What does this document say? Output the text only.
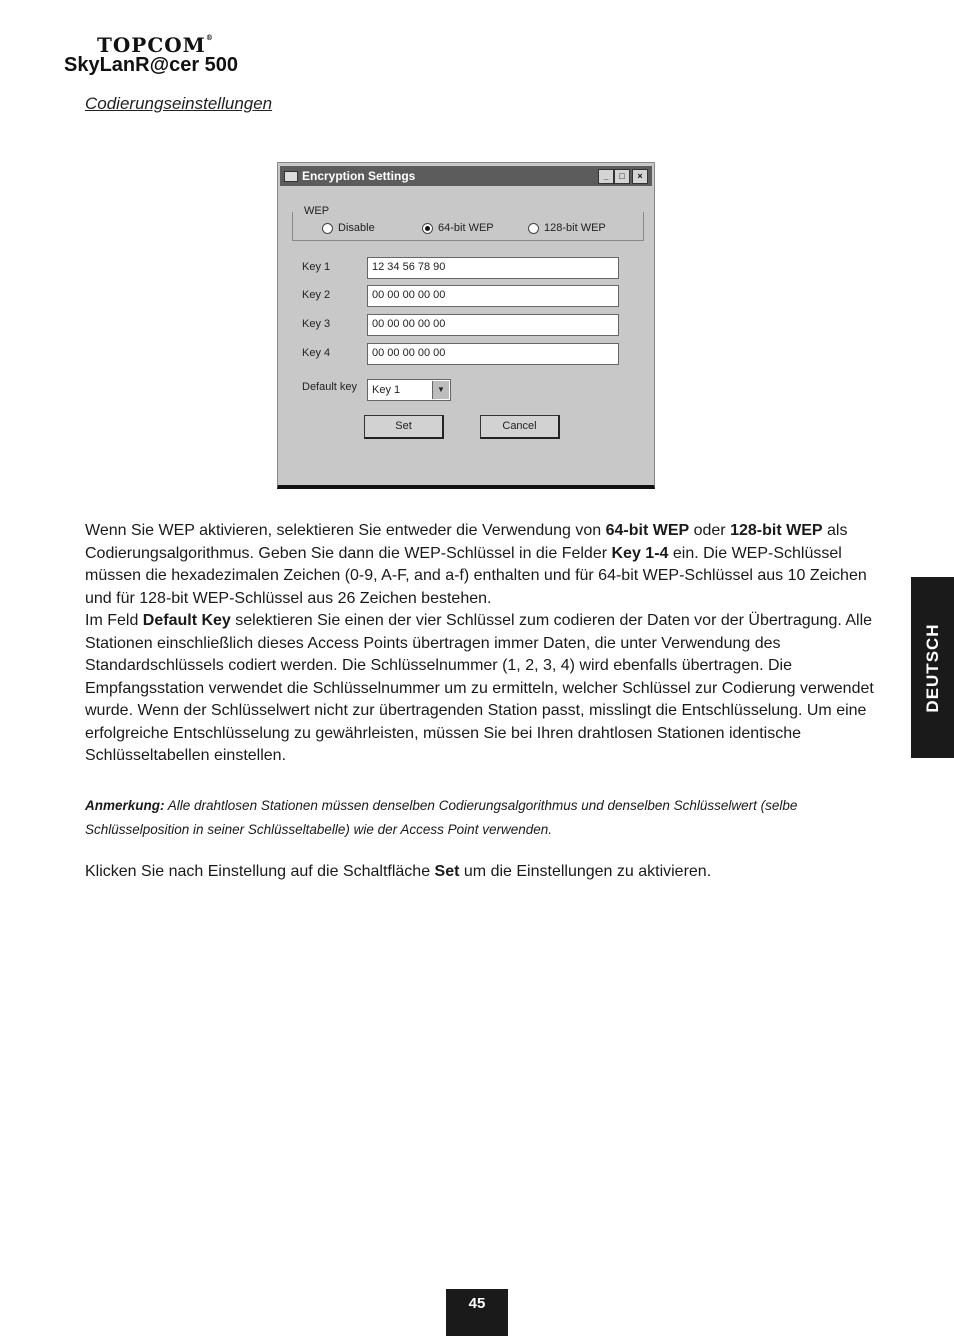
TOPCOM®
SkyLanR@cer 500
Codierungseinstellungen
Encryption Settings	_	□	×
WEP
Disable	64-bit WEP	128-bit WEP
Key 1	12 34 56 78 90
Key 2	00 00 00 00 00
Key 3	00 00 00 00 00
Key 4	00 00 00 00 00
Default key Key 1	▼
Set	Cancel

Wenn Sie WEP aktivieren, selektieren Sie entweder die Verwendung von 64-bit WEP oder 128-bit WEP als Codierungsalgorithmus. Geben Sie dann die WEP-Schlüssel in die Felder Key 1-4 ein. Die WEP-Schlüssel müssen die hexadezimalen Zeichen (0-9, A-F, and a-f) enthalten und für 64-bit WEP-Schlüssel aus 10 Zeichen und für 128-bit WEP-Schlüssel aus 26 Zeichen bestehen.

Im Feld Default Key selektieren Sie einen der vier Schlüssel zum codieren der Daten vor der Übertragung. Alle Stationen einschließlich dieses Access Points übertragen immer Daten, die unter Verwendung des Standardschlüssels codiert werden. Die Schlüsselnummer (1, 2, 3, 4) wird ebenfalls übertragen. Die Empfangsstation verwendet die Schlüsselnummer um zu ermitteln, welcher Schlüssel zur Codierung verwendet wurde. Wenn der Schlüsselwert nicht zur übertragenden Station passt, misslingt die Entschlüsselung. Um eine erfolgreiche Entschlüsselung zu gewährleisten, müssen Sie bei Ihren drahtlosen Stationen identische Schlüsseltabellen einstellen.

Anmerkung: Alle drahtlosen Stationen müssen denselben Codierungsalgorithmus und denselben Schlüsselwert (selbe Schlüsselposition in seiner Schlüsseltabelle) wie der Access Point verwenden.

Klicken Sie nach Einstellung auf die Schaltfläche Set um die Einstellungen zu aktivieren.
DEUTSCH
45
